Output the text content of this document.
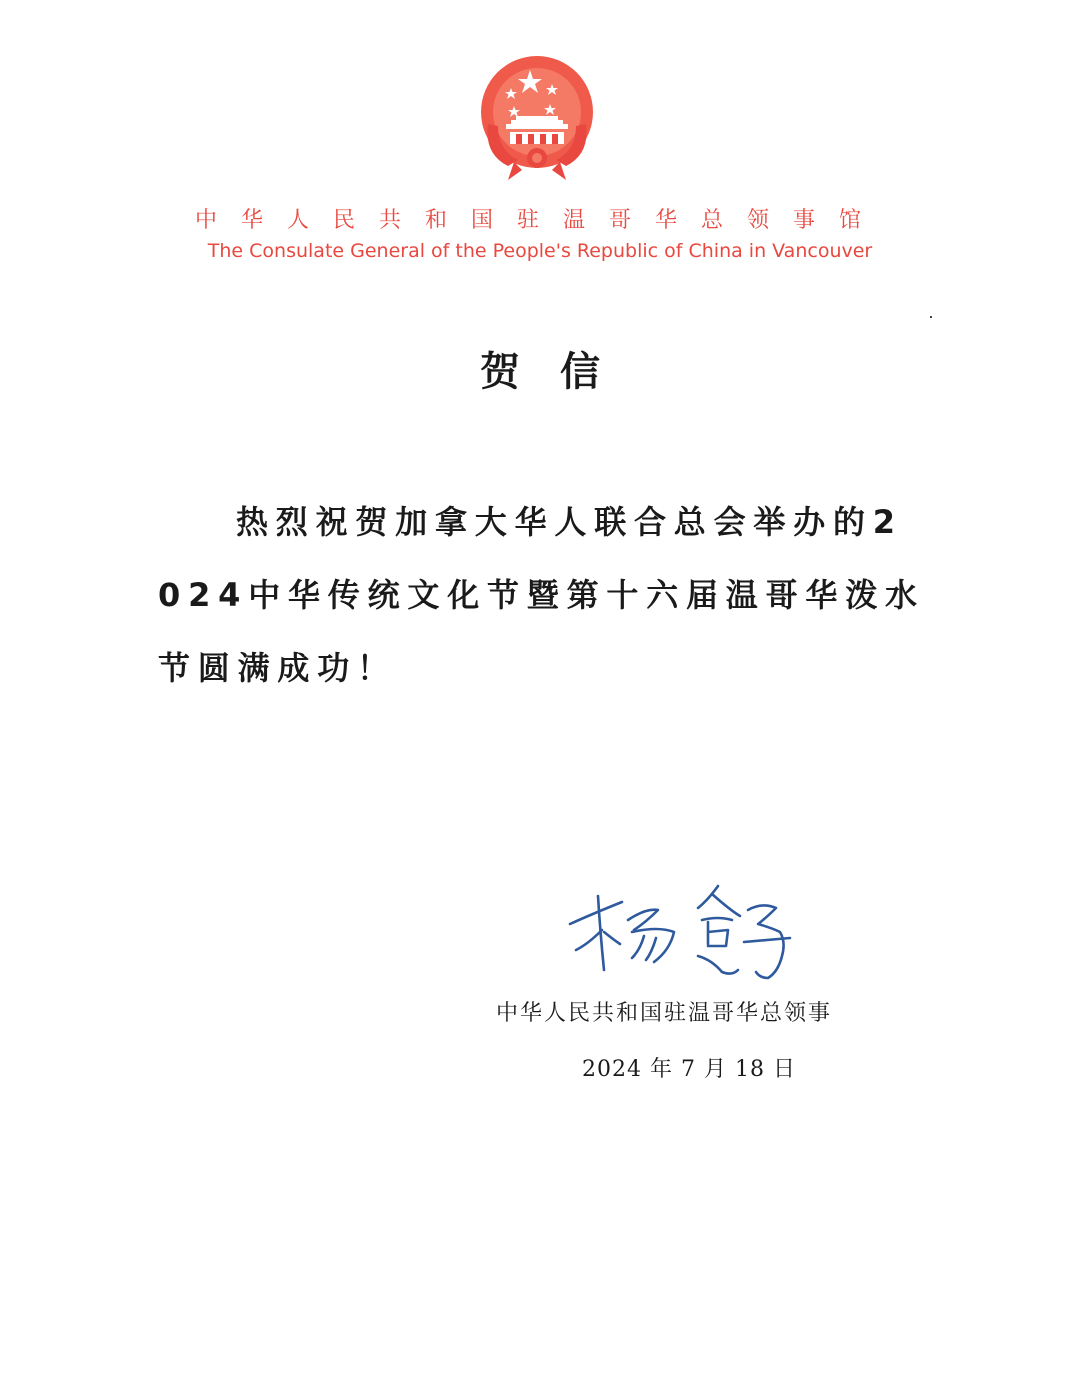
中华人民共和国驻温哥华总领事馆
The Consulate General of the People's Republic of China in Vancouver
贺信
热烈祝贺加拿大华人联合总会举办的2024中华传统文化节暨第十六届温哥华泼水节圆满成功！
中华人民共和国驻温哥华总领事
2024 年 7 月 18 日
